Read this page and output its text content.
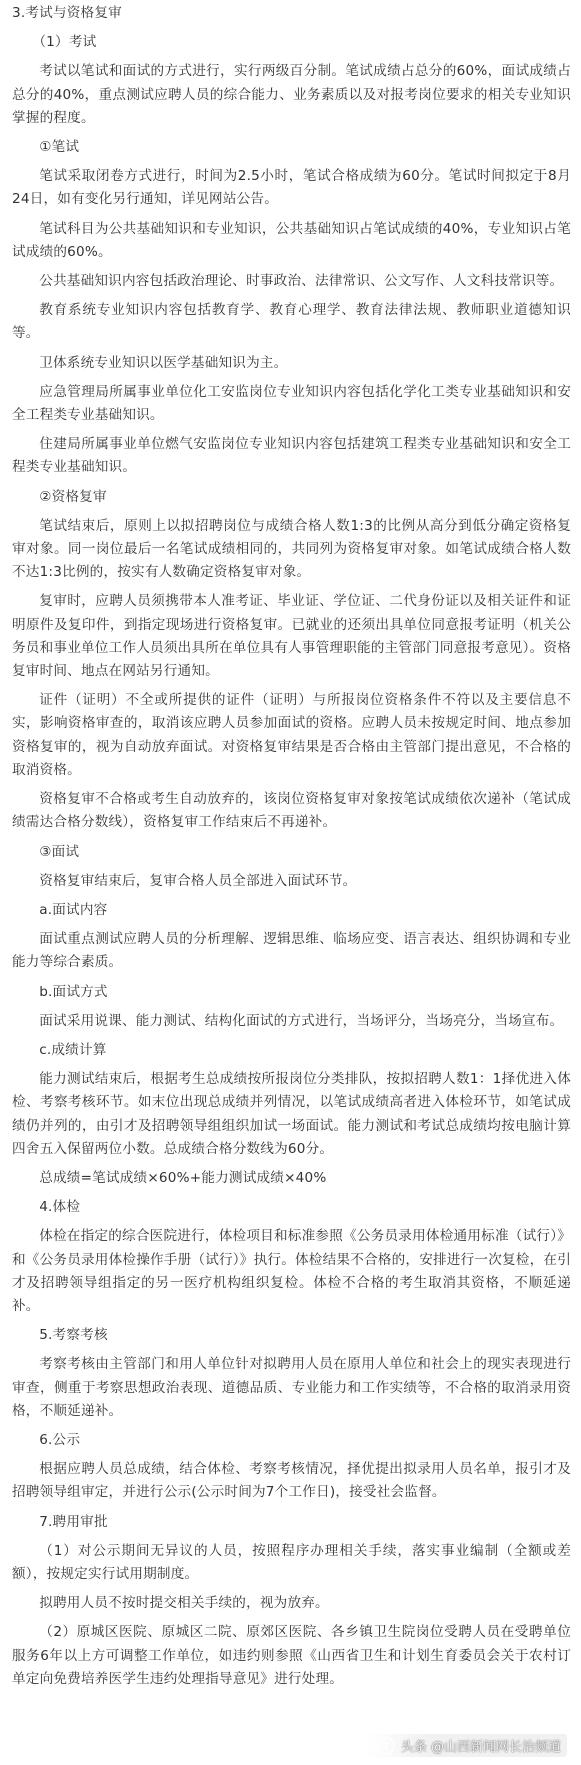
3.考试与资格复审

（1）考试

考试以笔试和面试的方式进行，实行两级百分制。笔试成绩占总分的60%，面试成绩占总分的40%，重点测试应聘人员的综合能力、业务素质以及对报考岗位要求的相关专业知识掌握的程度。

①笔试

笔试采取闭卷方式进行，时间为2.5小时，笔试合格成绩为60分。笔试时间拟定于8月24日，如有变化另行通知，详见网站公告。

笔试科目为公共基础知识和专业知识，公共基础知识占笔试成绩的40%，专业知识占笔试成绩的60%。

公共基础知识内容包括政治理论、时事政治、法律常识、公文写作、人文科技常识等。

教育系统专业知识内容包括教育学、教育心理学、教育法律法规、教师职业道德知识等。

卫体系统专业知识以医学基础知识为主。

应急管理局所属事业单位化工安监岗位专业知识内容包括化学化工类专业基础知识和安全工程类专业基础知识。

住建局所属事业单位燃气安监岗位专业知识内容包括建筑工程类专业基础知识和安全工程类专业基础知识。

②资格复审

笔试结束后，原则上以拟招聘岗位与成绩合格人数1:3的比例从高分到低分确定资格复审对象。同一岗位最后一名笔试成绩相同的，共同列为资格复审对象。如笔试成绩合格人数不达1:3比例的，按实有人数确定资格复审对象。

复审时，应聘人员须携带本人准考证、毕业证、学位证、二代身份证以及相关证件和证明原件及复印件，到指定现场进行资格复审。已就业的还须出具单位同意报考证明（机关公务员和事业单位工作人员须出具所在单位具有人事管理职能的主管部门同意报考意见）。资格复审时间、地点在网站另行通知。

证件（证明）不全或所提供的证件（证明）与所报岗位资格条件不符以及主要信息不实，影响资格审查的，取消该应聘人员参加面试的资格。应聘人员未按规定时间、地点参加资格复审的，视为自动放弃面试。对资格复审结果是否合格由主管部门提出意见，不合格的取消资格。

资格复审不合格或考生自动放弃的，该岗位资格复审对象按笔试成绩依次递补（笔试成绩需达合格分数线），资格复审工作结束后不再递补。

③面试

资格复审结束后，复审合格人员全部进入面试环节。

a.面试内容

面试重点测试应聘人员的分析理解、逻辑思维、临场应变、语言表达、组织协调和专业能力等综合素质。

b.面试方式

面试采用说课、能力测试、结构化面试的方式进行，当场评分，当场亮分，当场宣布。

c.成绩计算

能力测试结束后，根据考生总成绩按所报岗位分类排队，按拟招聘人数1：1择优进入体检、考察考核环节。如末位出现总成绩并列情况，以笔试成绩高者进入体检环节，如笔试成绩仍并列的，由引才及招聘领导组组织加试一场面试。能力测试和考试总成绩均按电脑计算四舍五入保留两位小数。总成绩合格分数线为60分。

总成绩=笔试成绩×60%+能力测试成绩×40%

4.体检

体检在指定的综合医院进行，体检项目和标准参照《公务员录用体检通用标准（试行）》和《公务员录用体检操作手册（试行）》执行。体检结果不合格的，安排进行一次复检，在引才及招聘领导组指定的另一医疗机构组织复检。体检不合格的考生取消其资格，不顺延递补。

5.考察考核

考察考核由主管部门和用人单位针对拟聘用人员在原用人单位和社会上的现实表现进行审查，侧重于考察思想政治表现、道德品质、专业能力和工作实绩等，不合格的取消录用资格，不顺延递补。

6.公示

根据应聘人员总成绩，结合体检、考察考核情况，择优提出拟录用人员名单，报引才及招聘领导组审定，并进行公示(公示时间为7个工作日)，接受社会监督。

7.聘用审批

（1）对公示期间无异议的人员，按照程序办理相关手续，落实事业编制（全额或差额），按规定实行试用期制度。

拟聘用人员不按时提交相关手续的，视为放弃。

（2）原城区医院、原城区二院、原郊区医院、各乡镇卫生院岗位受聘人员在受聘单位服务6年以上方可调整工作单位，如违约则参照《山西省卫生和计划生育委员会关于农村订单定向免费培养医学生违约处理指导意见》进行处理。

头条 @山西新闻网长治频道
